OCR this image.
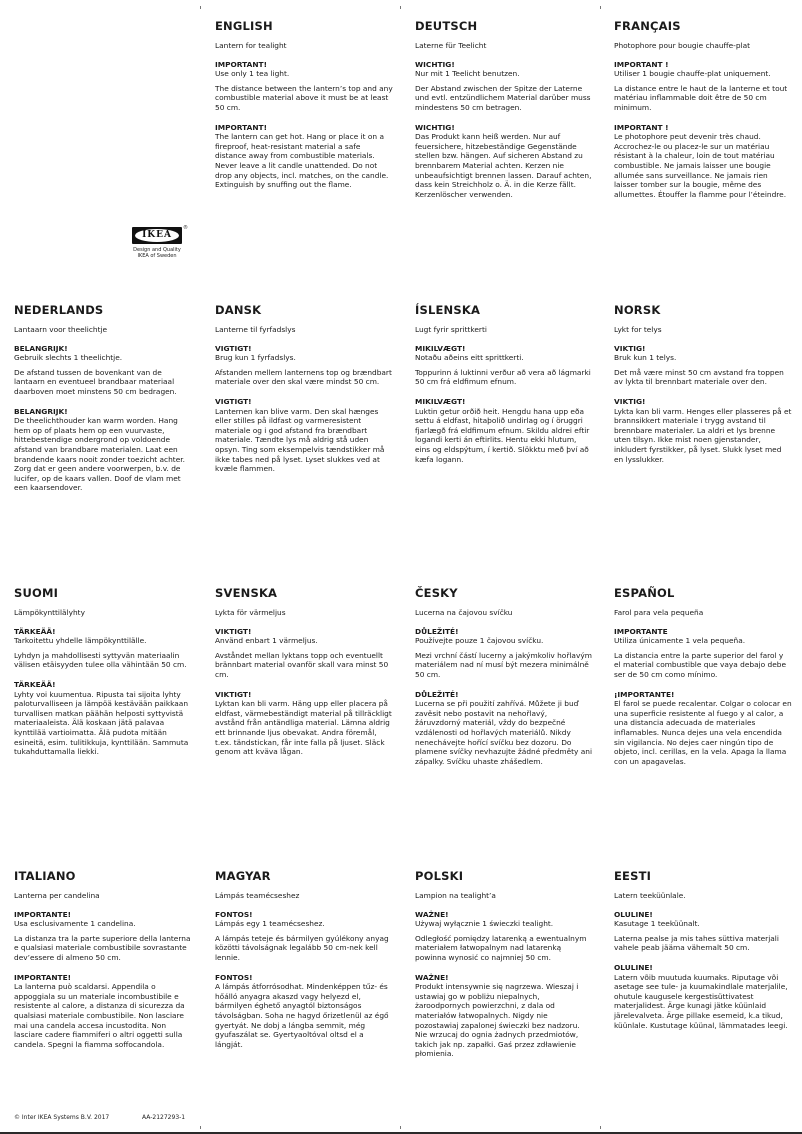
IKEA
®
Design and Quality
IKEA of Sweden
ENGLISH
Lantern for tealight
IMPORTANT!
Use only 1 tea light.
The distance between the lantern’s top and any combustible material above it must be at least 50 cm.
IMPORTANT!
The lantern can get hot. Hang or place it on a fireproof, heat-resistant material a safe distance away from combustible materials. Never leave a lit candle unattended. Do not drop any objects, incl. matches, on the candle. Extinguish by snuffing out the flame.
DEUTSCH
Laterne für Teelicht
WICHTIG!
Nur mit 1 Teelicht benutzen.
Der Abstand zwischen der Spitze der Laterne und evtl. entzündlichem Material darüber muss mindestens 50 cm betragen.
WICHTIG!
Das Produkt kann heiß werden. Nur auf feuersichere, hitzebeständige Gegenstände stellen bzw. hängen. Auf sicheren Abstand zu brennbarem Material achten. Kerzen nie unbeaufsichtigt brennen lassen. Darauf achten, dass kein Streichholz o. Ä. in die Kerze fällt. Kerzenlöscher verwenden.
FRANÇAIS
Photophore pour bougie chauffe-plat
IMPORTANT !
Utiliser 1 bougie chauffe-plat uniquement.
La distance entre le haut de la lanterne et tout matériau inflammable doit être de 50 cm minimum.
IMPORTANT !
Le photophore peut devenir très chaud. Accrochez-le ou placez-le sur un matériau résistant à la chaleur, loin de tout matériau combustible. Ne jamais laisser une bougie allumée sans surveillance. Ne jamais rien laisser tomber sur la bougie, même des allumettes. Étouffer la flamme pour l’éteindre.
NEDERLANDS
Lantaarn voor theelichtje
BELANGRIJK!
Gebruik slechts 1 theelichtje.
De afstand tussen de bovenkant van de lantaarn en eventueel brandbaar materiaal daarboven moet minstens 50 cm bedragen.
BELANGRIJK!
De theelichthouder kan warm worden. Hang hem op of plaats hem op een vuurvaste, hittebestendige ondergrond op voldoende afstand van brandbare materialen. Laat een brandende kaars nooit zonder toezicht achter. Zorg dat er geen andere voorwerpen, b.v. de lucifer, op de kaars vallen. Doof de vlam met een kaarsendover.
DANSK
Lanterne til fyrfadslys
VIGTIGT!
Brug kun 1 fyrfadslys.
Afstanden mellem lanternens top og brændbart materiale over den skal være mindst 50 cm.
VIGTIGT!
Lanternen kan blive varm. Den skal hænges eller stilles på ildfast og varmeresistent materiale og i god afstand fra brændbart materiale. Tændte lys må aldrig stå uden opsyn. Ting som eksempelvis tændstikker må ikke tabes ned på lyset. Lyset slukkes ved at kvæle flammen.
ÍSLENSKA
Lugt fyrir sprittkerti
MIKILVÆGT!
Notaðu aðeins eitt sprittkerti.
Toppurinn á luktinni verður að vera að lágmarki 50 cm frá eldfimum efnum.
MIKILVÆGT!
Luktin getur orðið heit. Hengdu hana upp eða settu á eldfast, hitaþolið undirlag og í öruggri fjarlægð frá eldfimum efnum. Skildu aldrei eftir logandi kerti án eftirlits. Hentu ekki hlutum, eins og eldspýtum, í kertið. Slökktu með því að kæfa logann.
NORSK
Lykt for telys
VIKTIG!
Bruk kun 1 telys.
Det må være minst 50 cm avstand fra toppen av lykta til brennbart materiale over den.
VIKTIG!
Lykta kan bli varm. Henges eller plasseres på et brannsikkert materiale i trygg avstand til brennbare materialer. La aldri et lys brenne uten tilsyn. Ikke mist noen gjenstander, inkludert fyrstikker, på lyset. Slukk lyset med en lysslukker.
SUOMI
Lämpökynttilälyhty
TÄRKEÄÄ!
Tarkoitettu yhdelle lämpökynttilälle.
Lyhdyn ja mahdollisesti syttyvän materiaalin välisen etäisyyden tulee olla vähintään 50 cm.
TÄRKEÄÄ!
Lyhty voi kuumentua. Ripusta tai sijoita lyhty paloturvalliseen ja lämpöä kestävään paikkaan turvallisen matkan päähän helposti syttyvistä materiaaleista. Älä koskaan jätä palavaa kynttilää vartioimatta. Älä pudota mitään esineitä, esim. tulitikkuja, kynttilään. Sammuta tukahduttamalla liekki.
SVENSKA
Lykta för värmeljus
VIKTIGT!
Använd enbart 1 värmeljus.
Avståndet mellan lyktans topp och eventuellt brännbart material ovanför skall vara minst 50 cm.
VIKTIGT!
Lyktan kan bli varm. Häng upp eller placera på eldfast, värmebeständigt material på tillräckligt avstånd från antändliga material. Lämna aldrig ett brinnande ljus obevakat. Andra föremål, t.ex. tändstickan, får inte falla på ljuset. Släck genom att kväva lågan.
ČESKY
Lucerna na čajovou svíčku
DŮLEŽITÉ!
Používejte pouze 1 čajovou svíčku.
Mezi vrchní částí lucerny a jakýmkoliv hořlavým materiálem nad ní musí být mezera minimálně 50 cm.
DŮLEŽITÉ!
Lucerna se při použití zahřívá. Můžete ji buď zavěsit nebo postavit na nehořlavý, žáruvzdorný materiál, vždy do bezpečné vzdálenosti od hořlavých materiálů. Nikdy nenechávejte hořící svíčku bez dozoru. Do plamene svíčky nevhazujte žádné předměty ani zápalky. Svíčku uhaste zhášedlem.
ESPAÑOL
Farol para vela pequeña
IMPORTANTE
Utiliza únicamente 1 vela pequeña.
La distancia entre la parte superior del farol y el material combustible que vaya debajo debe ser de 50 cm como mínimo.
¡IMPORTANTE!
El farol se puede recalentar. Colgar o colocar en una superficie resistente al fuego y al calor, a una distancia adecuada de materiales inflamables. Nunca dejes una vela encendida sin vigilancia. No dejes caer ningún tipo de objeto, incl. cerillas, en la vela. Apaga la llama con un apagavelas.
ITALIANO
Lanterna per candelina
IMPORTANTE!
Usa esclusivamente 1 candelina.
La distanza tra la parte superiore della lanterna e qualsiasi materiale combustibile sovrastante dev’essere di almeno 50 cm.
IMPORTANTE!
La lanterna può scaldarsi. Appendila o appoggiala su un materiale incombustibile e resistente al calore, a distanza di sicurezza da qualsiasi materiale combustibile. Non lasciare mai una candela accesa incustodita. Non lasciare cadere fiammiferi o altri oggetti sulla candela. Spegni la fiamma soffocandola.
MAGYAR
Lámpás teamécseshez
FONTOS!
Lámpás egy 1 teamécseshez.
A lámpás teteje és bármilyen gyúlékony anyag közötti távolságnak legalább 50 cm-nek kell lennie.
FONTOS!
A lámpás átforrósodhat. Mindenképpen tűz- és hőálló anyagra akaszd vagy helyezd el, bármilyen éghető anyagtól biztonságos távolságban. Soha ne hagyd őrizetlenül az égő gyertyát. Ne dobj a lángba semmit, még gyufaszálat se. Gyertyaoltóval oltsd el a lángját.
POLSKI
Lampion na tealight’a
WAŻNE!
Używaj wyłącznie 1 świeczki tealight.
Odległość pomiędzy latarenką a ewentualnym materiałem łatwopalnym nad latarenką powinna wynosić co najmniej 50 cm.
WAŻNE!
Produkt intensywnie się nagrzewa. Wieszaj i ustawiaj go w pobliżu niepalnych, żaroodpornych powierzchni, z dala od materiałów łatwopalnych. Nigdy nie pozostawiaj zapalonej świeczki bez nadzoru. Nie wrzucaj do ognia żadnych przedmiotów, takich jak np. zapałki. Gaś przez zdławienie płomienia.
EESTI
Latern teeküünlale.
OLULINE!
Kasutage 1 teeküünalt.
Laterna pealse ja mis tahes süttiva materjali vahele peab jääma vähemalt 50 cm.
OLULINE!
Latern võib muutuda kuumaks. Riputage või asetage see tule- ja kuumakindlale materjalile, ohutule kaugusele kergestisüttivatest materjalidest. Ärge kunagi jätke küünlaid järelevalveta. Ärge pillake esemeid, k.a tikud, küünlale. Kustutage küünal, lämmatades leegi.
© Inter IKEA Systems B.V. 2017	AA-2127293-1
